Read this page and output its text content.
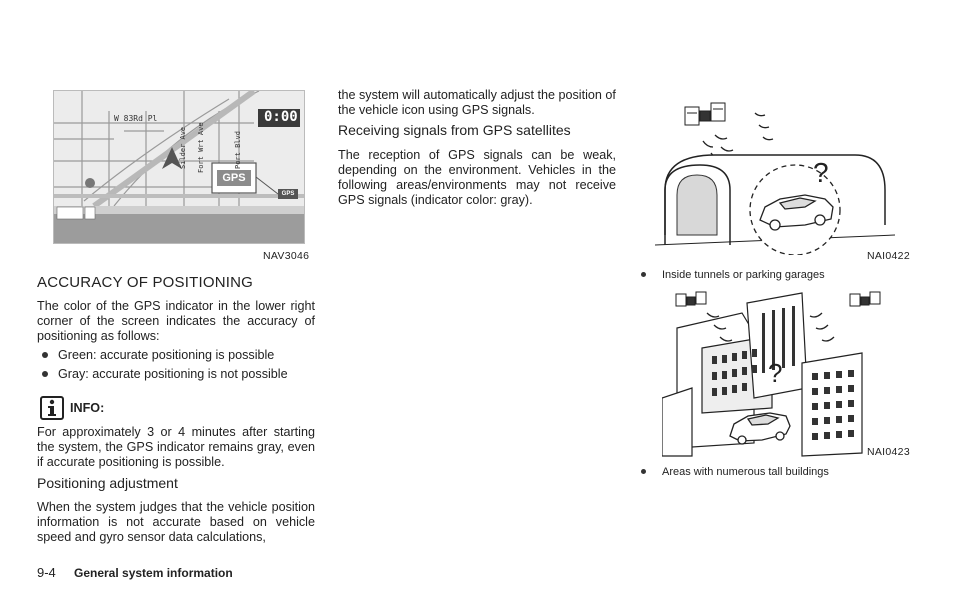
W 83Rd Pl
Silder Ave Fort Wrt Ave	Port Blvd
0:00
GPS
GPS
NAV3046
ACCURACY OF POSITIONING

The color of the GPS indicator in the lower right corner of the screen indicates the accuracy of positioning as follows:

Green: accurate positioning is possible
Gray: accurate positioning is not possible
INFO:

For approximately 3 or 4 minutes after starting the system, the GPS indicator remains gray, even if accurate positioning is possible.

Positioning adjustment

When the system judges that the vehicle position information is not accurate based on vehicle speed and gyro sensor data calculations,

the system will automatically adjust the position of the vehicle icon using GPS signals.

Receiving signals from GPS satellites

The reception of GPS signals can be weak, depending on the environment. Vehicles in the following areas/environments may not receive GPS signals (indicator color: gray).

?
NAI0422
Inside tunnels or parking garages
?
NAI0423
Areas with numerous tall buildings
9-4 General system information
